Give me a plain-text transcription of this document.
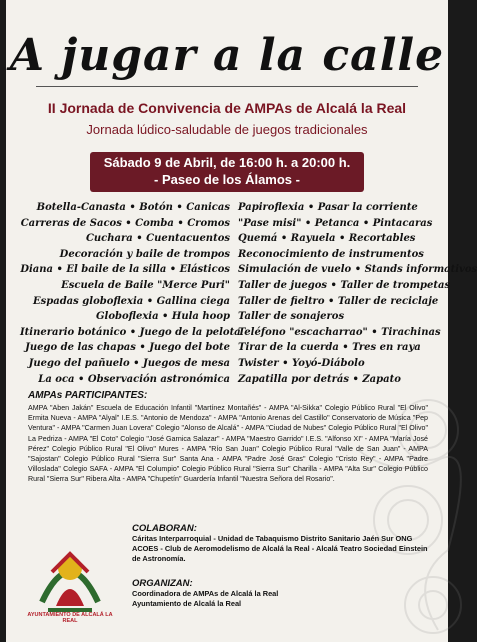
A jugar a la calle
II Jornada de Convivencia de AMPAs de Alcalá la Real
Jornada lúdico-saludable de juegos tradicionales
Sábado 9 de Abril, de 16:00 h. a 20:00 h.
- Paseo de los Álamos -
Botella-Canasta • Botón • Canicas
Carreras de Sacos • Comba • Cromos
Cuchara • Cuentacuentos
Decoración y baile de trompos
Diana • El baile de la silla • Elásticos
Escuela de Baile "Merce Puri"
Espadas globoflexia • Gallina ciega
Globoflexia • Hula hoop
Itinerario botánico • Juego de la pelota
Juego de las chapas • Juego del bote
Juego del pañuelo • Juegos de mesa
La oca • Observación astronómica
Papiroflexia • Pasar la corriente
"Pase misi" • Petanca • Pintacaras
Quemá • Rayuela • Recortables
Reconocimiento de instrumentos
Simulación de vuelo • Stands informativos
Taller de juegos • Taller de trompetas
Taller de fieltro • Taller de reciclaje
Taller de sonajeros
Teléfono "escacharrao" • Tirachinas
Tirar de la cuerda • Tres en raya
Twister • Yoyó-Diábolo
Zapatilla por detrás • Zapato
AMPAs PARTICIPANTES:
AMPA "Aben Jakán" Escuela de Educación Infantil "Martínez Montañés" - AMPA "Al-Sikka" Colegio Público Rural "El Olivo" Ermita Nueva - AMPA "Alyal" I.E.S. "Antonio de Mendoza" - AMPA "Antonio Arenas del Castillo" Conservatorio de Música "Pep Ventura" - AMPA "Carmen Juan Lovera" Colegio "Alonso de Alcalá" - AMPA "Ciudad de Nubes" Colegio Público Rural "El Olivo" La Pedriza - AMPA "El Coto" Colegio "José Garnica Salazar" - AMPA "Maestro Garrido" I.E.S. "Alfonso XI" - AMPA "María José Pérez" Colegio Público Rural "El Olivo" Mures - AMPA "Río San Juan" Colegio Público Rural "Valle de San Juan" - AMPA "Sajostan" Colegio Público Rural "Sierra Sur" Santa Ana - AMPA "Padre José Gras" Colegio "Cristo Rey" - AMPA "Padre Villoslada" Colegio SAFA - AMPA "El Columpio" Colegio Público Rural "Sierra Sur" Charilla - AMPA "Alta Sur" Colegio Público Rural "Sierra Sur" Ribera Alta - AMPA "Chupetín" Guardería Infantil "Nuestra Señora del Rosario".
AYUNTAMIENTO DE ALCALÁ LA REAL
COLABORAN:
Cáritas Interparroquial - Unidad de Tabaquismo Distrito Sanitario Jaén Sur ONG ACOES - Club de Aeromodelismo de Alcalá la Real - Alcalá Teatro Sociedad Einstein de Astronomía.
ORGANIZAN:
Coordinadora de AMPAs de Alcalá la Real
Ayuntamiento de Alcalá la Real
